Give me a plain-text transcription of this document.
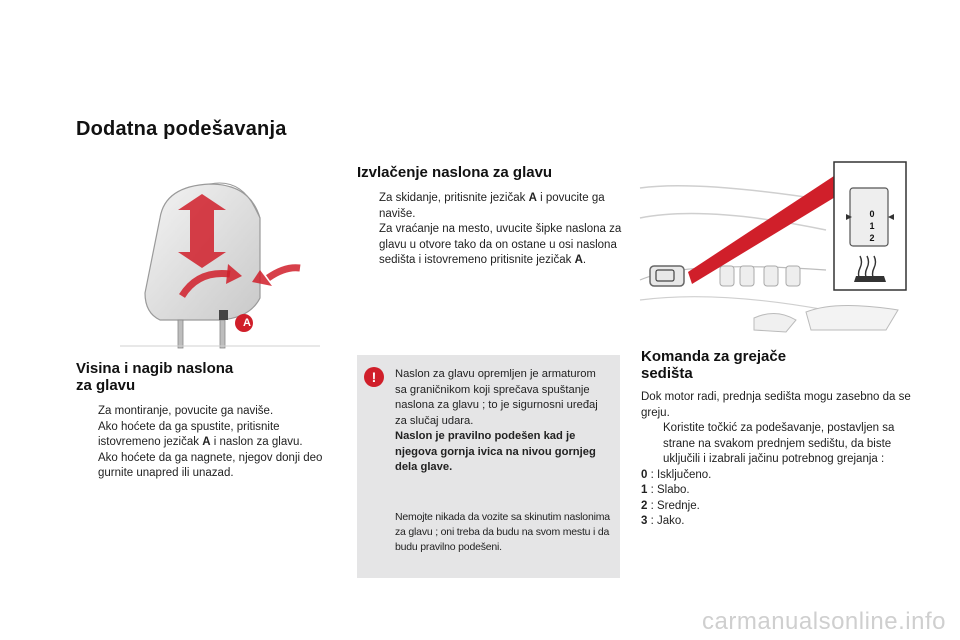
Dodatna podešavanja
A
Visina i nagib naslona
za glavu
Za montiranje, povucite ga naviše.
Ako hoćete da ga spustite, pritisnite istovremeno jezičak A i naslon za glavu.
Ako hoćete da ga nagnete, njegov donji deo gurnite unapred ili unazad.
Izvlačenje naslona za glavu
Za skidanje, pritisnite jezičak A i povucite ga naviše.
Za vraćanje na mesto, uvucite šipke naslona za glavu u otvore tako da on ostane u osi naslona sedišta i istovremeno pritisnite jezičak A.
!	Naslon za glavu opremljen je armaturom sa graničnikom koji sprečava spuštanje naslona za glavu ; to je sigurnosni uređaj za slučaj udara.
Naslon je pravilno podešen kad je njegova gornja ivica na nivou gornjeg dela glave.
Nemojte nikada da vozite sa skinutim naslonima za glavu ; oni treba da budu na svom mestu i da budu pravilno podešeni.
0
1
2
Komanda za grejače
sedišta
Dok motor radi, prednja sedišta mogu zasebno da se greju.
Koristite točkić za podešavanje, postavljen sa strane na svakom prednjem sedištu, da biste uključili i izabrali jačinu potrebnog grejanja :
0 : Isključeno.
1 : Slabo.
2 : Srednje.
3 : Jako.
carmanualsonline.info
